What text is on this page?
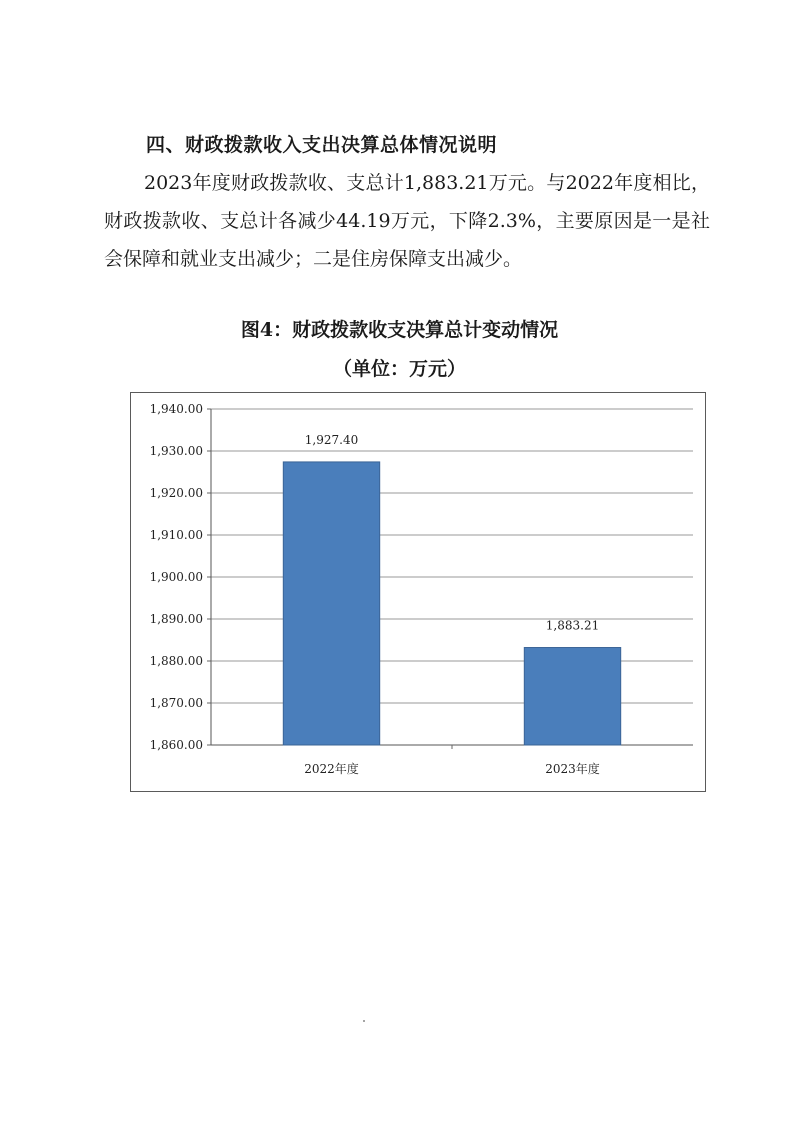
四、财政拨款收入支出决算总体情况说明

2023年度财政拨款收、支总计1,883.21万元。与2022年度相比，财政拨款收、支总计各减少44.19万元，下降2.3%，主要原因是一是社会保障和就业支出减少；二是住房保障支出减少。

图4：财政拨款收支决算总计变动情况
（单位：万元）
1,860.00
1,870.00
1,880.00
1,890.00
1,900.00
1,910.00
1,920.00
1,930.00
1,940.00
1,927.40
2022年度
1,883.21
2023年度
